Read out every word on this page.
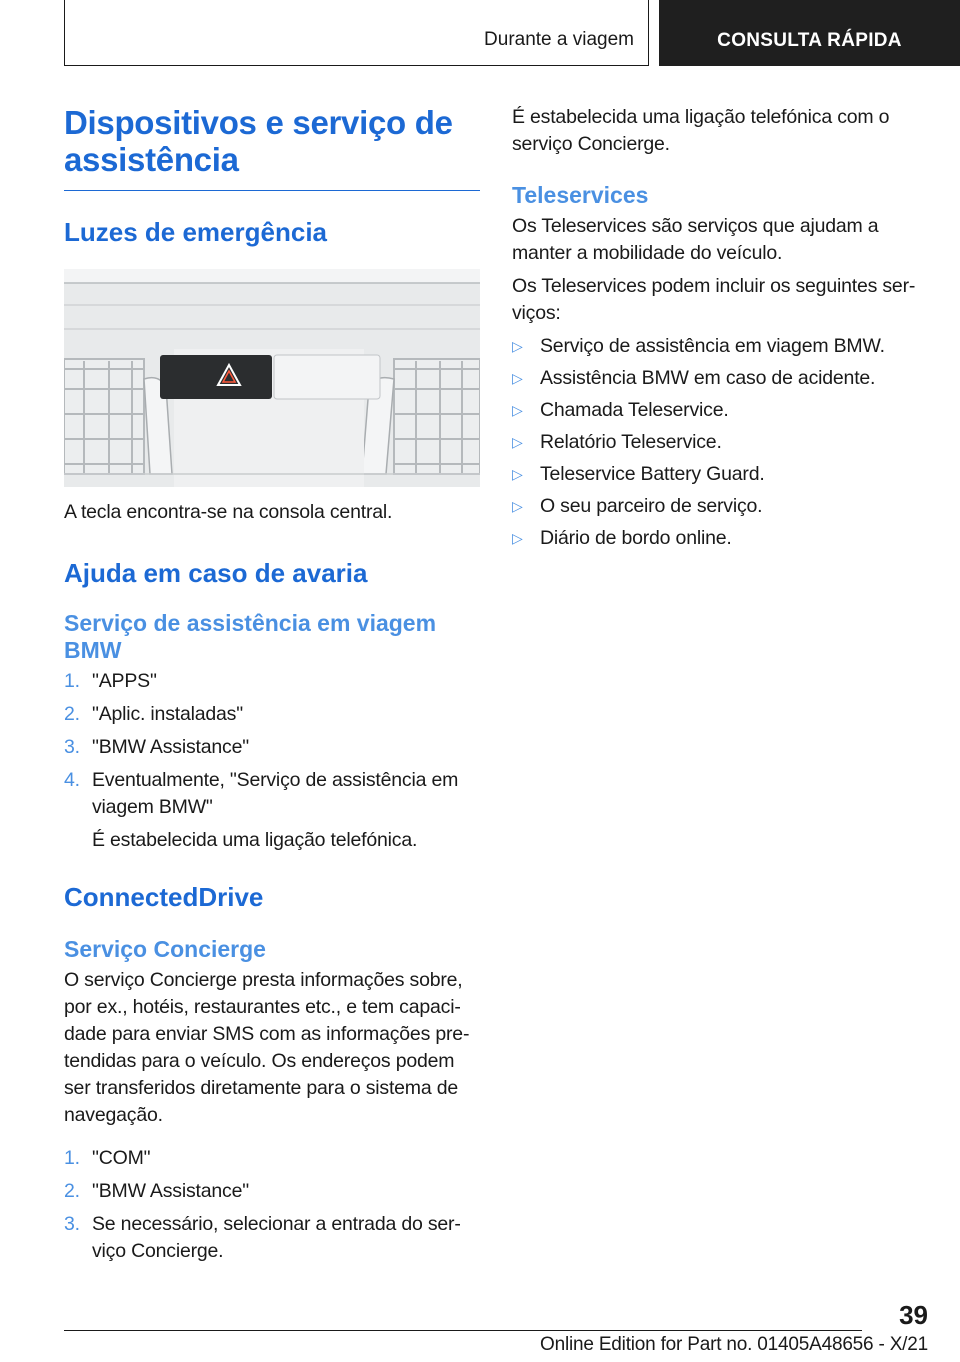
Durante a viagem	CONSULTA RÁPIDA
Dispositivos e serviço de assistência
Luzes de emergência

A tecla encontra-se na consola central.

Ajuda em caso de avaria
Serviço de assistência em viagem BMW
1. "APPS"
2. "Aplic. instaladas"
3. "BMW Assistance"
4. Eventualmente, "Serviço de assistência em viagem BMW"
É estabelecida uma ligação telefónica.
ConnectedDrive
Serviço Concierge

O serviço Concierge presta informações sobre, por ex., hotéis, restaurantes etc., e tem capacidade para enviar SMS com as informações pretendidas para o veículo. Os endereços podem ser transferidos diretamente para o sistema de navegação.

1. "COM"
2. "BMW Assistance"
3. Se necessário, selecionar a entrada do serviço Concierge.

É estabelecida uma ligação telefónica com o serviço Concierge.

Teleservices

Os Teleservices são serviços que ajudam a manter a mobilidade do veículo.

Os Teleservices podem incluir os seguintes serviços:

▷ Serviço de assistência em viagem BMW.
▷ Assistência BMW em caso de acidente.
▷ Chamada Teleservice.
▷ Relatório Teleservice.
▷ Teleservice Battery Guard.
▷ O seu parceiro de serviço.
▷ Diário de bordo online.
39
Online Edition for Part no. 01405A48656 - X/21
